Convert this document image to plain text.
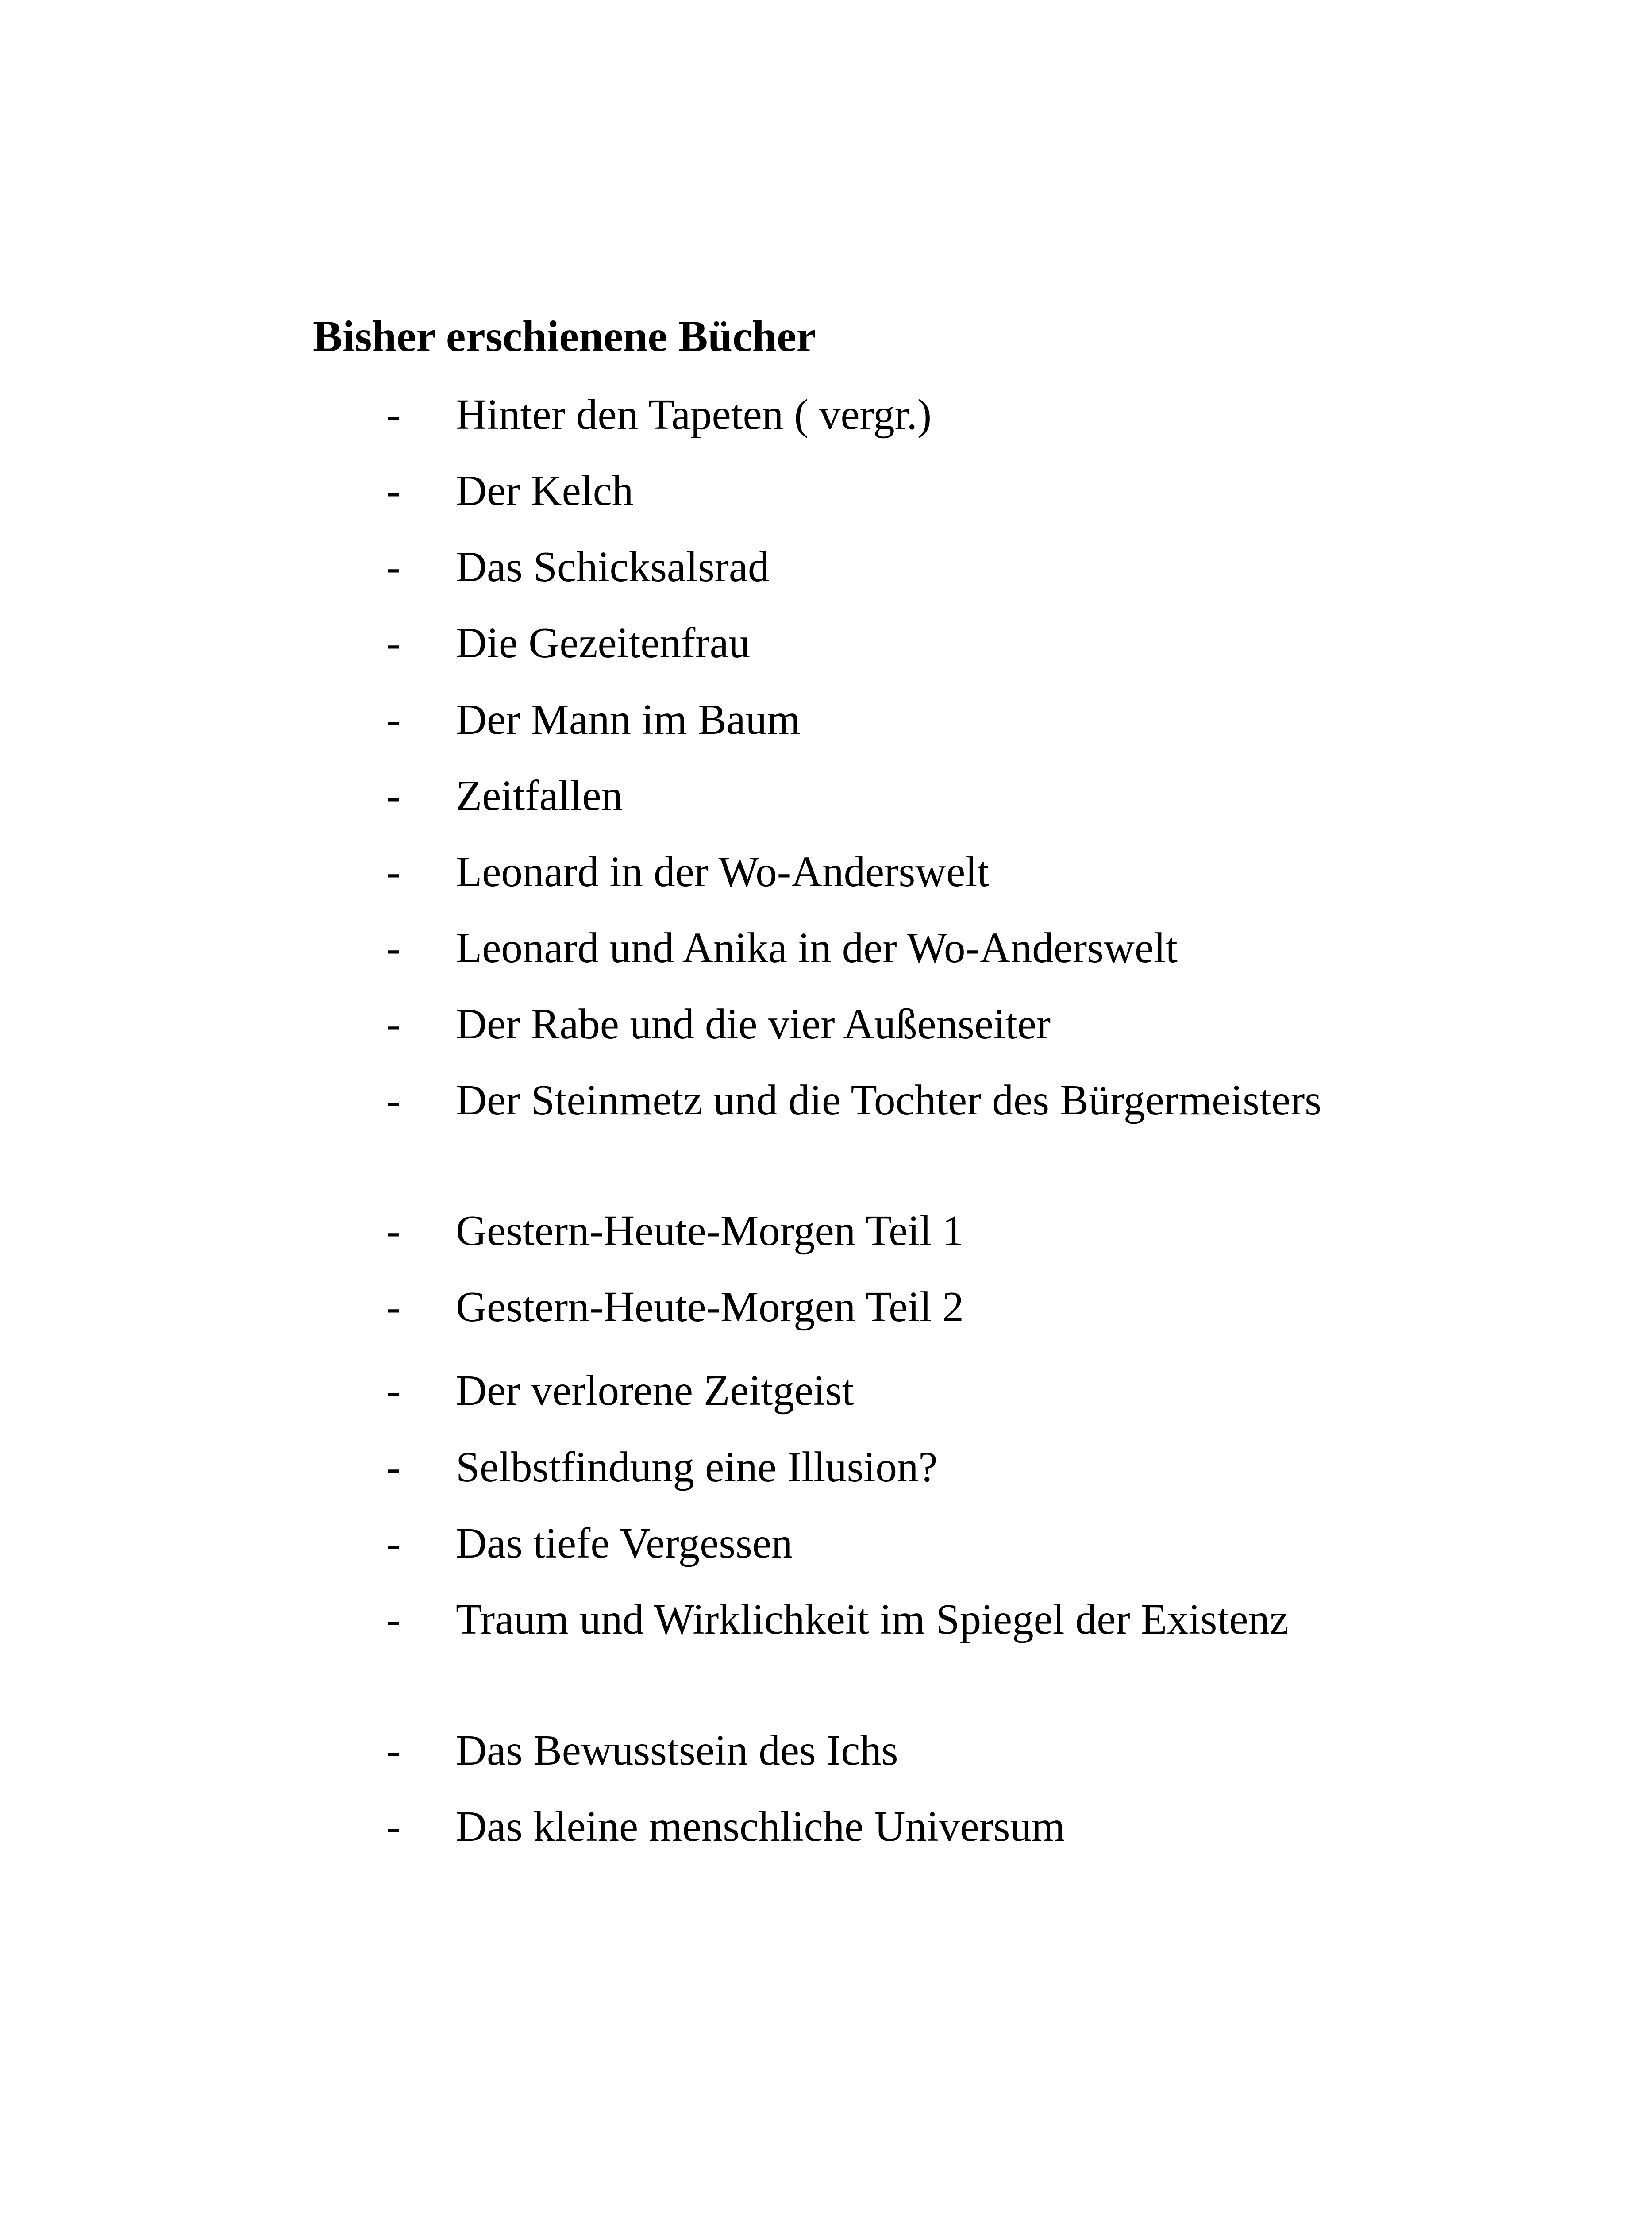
Bisher erschienene Bücher
- Hinter den Tapeten ( vergr.)
- Der Kelch
- Das Schicksalsrad
- Die Gezeitenfrau
- Der Mann im Baum
- Zeitfallen
- Leonard in der Wo-Anderswelt
- Leonard und Anika in der Wo-Anderswelt
- Der Rabe und die vier Außenseiter
- Der Steinmetz und die Tochter des Bürgermeisters
- Gestern-Heute-Morgen Teil 1
- Gestern-Heute-Morgen Teil 2
- Der verlorene Zeitgeist
- Selbstfindung eine Illusion?
- Das tiefe Vergessen
- Traum und Wirklichkeit im Spiegel der Existenz
- Das Bewusstsein des Ichs
- Das kleine menschliche Universum
